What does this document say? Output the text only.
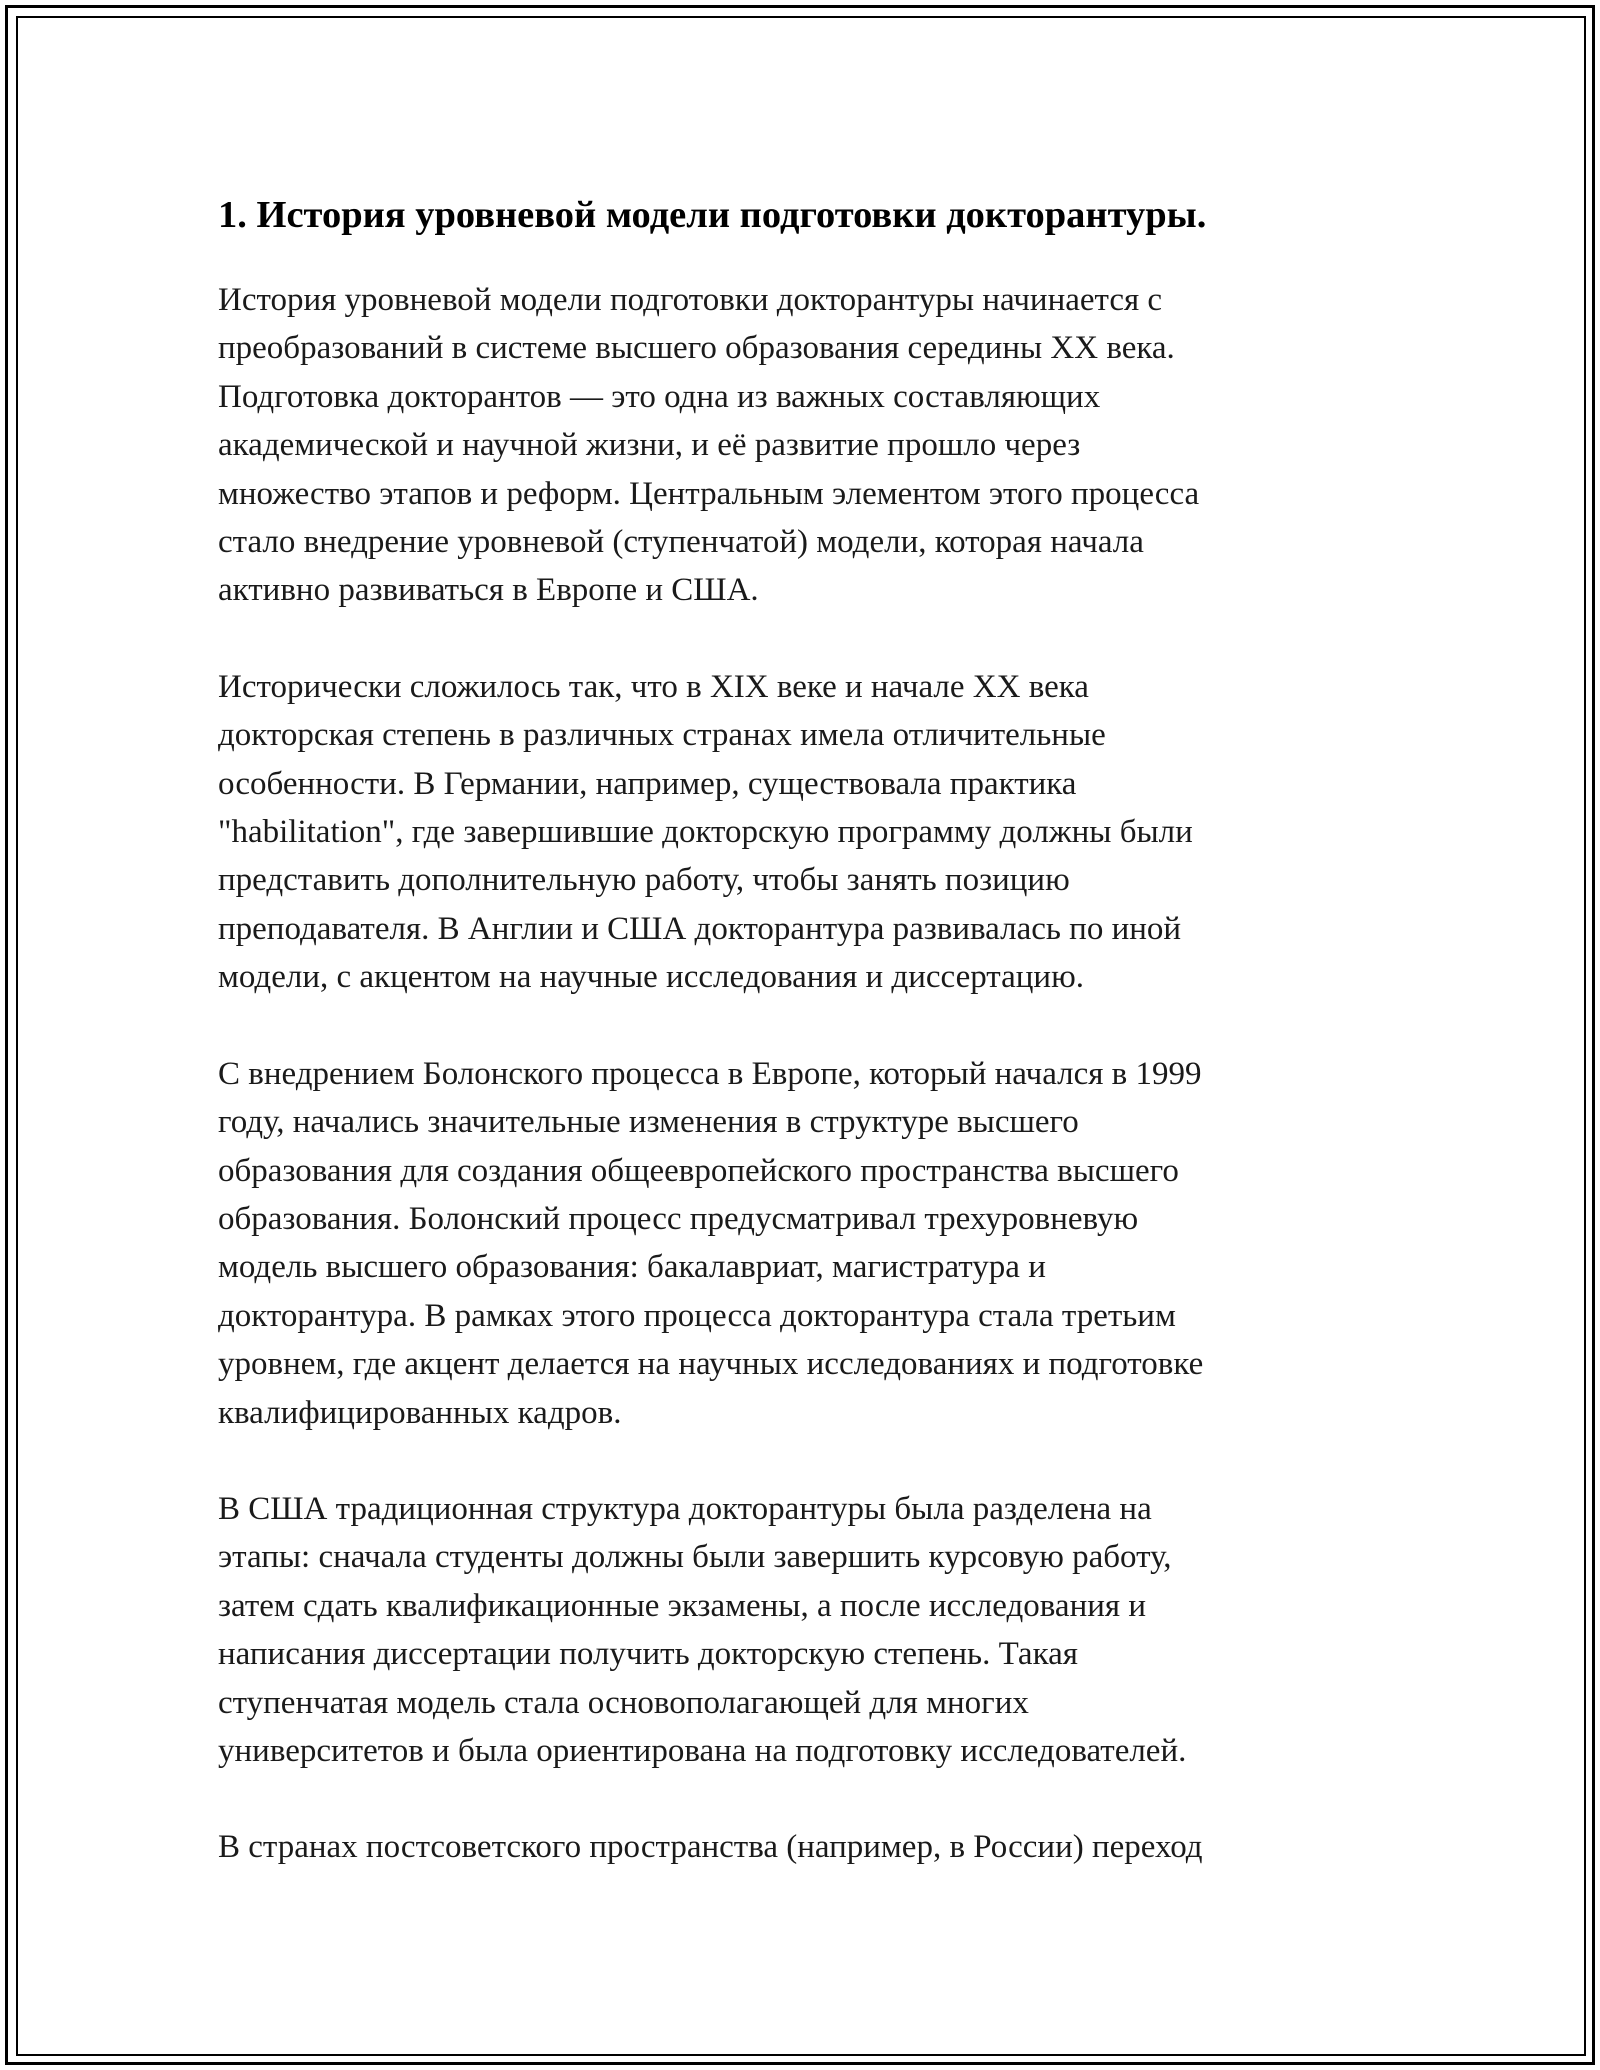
1. История уровневой модели подготовки докторантуры.

История уровневой модели подготовки докторантуры начинается с
преобразований в системе высшего образования середины XX века.
Подготовка докторантов — это одна из важных составляющих
академической и научной жизни, и её развитие прошло через
множество этапов и реформ. Центральным элементом этого процесса
стало внедрение уровневой (ступенчатой) модели, которая начала
активно развиваться в Европе и США.

Исторически сложилось так, что в XIX веке и начале XX века
докторская степень в различных странах имела отличительные
особенности. В Германии, например, существовала практика
"habilitation", где завершившие докторскую программу должны были
представить дополнительную работу, чтобы занять позицию
преподавателя. В Англии и США докторантура развивалась по иной
модели, с акцентом на научные исследования и диссертацию.

С внедрением Болонского процесса в Европе, который начался в 1999
году, начались значительные изменения в структуре высшего
образования для создания общеевропейского пространства высшего
образования. Болонский процесс предусматривал трехуровневую
модель высшего образования: бакалавриат, магистратура и
докторантура. В рамках этого процесса докторантура стала третьим
уровнем, где акцент делается на научных исследованиях и подготовке
квалифицированных кадров.

В США традиционная структура докторантуры была разделена на
этапы: сначала студенты должны были завершить курсовую работу,
затем сдать квалификационные экзамены, а после исследования и
написания диссертации получить докторскую степень. Такая
ступенчатая модель стала основополагающей для многих
университетов и была ориентирована на подготовку исследователей.

В странах постсоветского пространства (например, в России) переход
